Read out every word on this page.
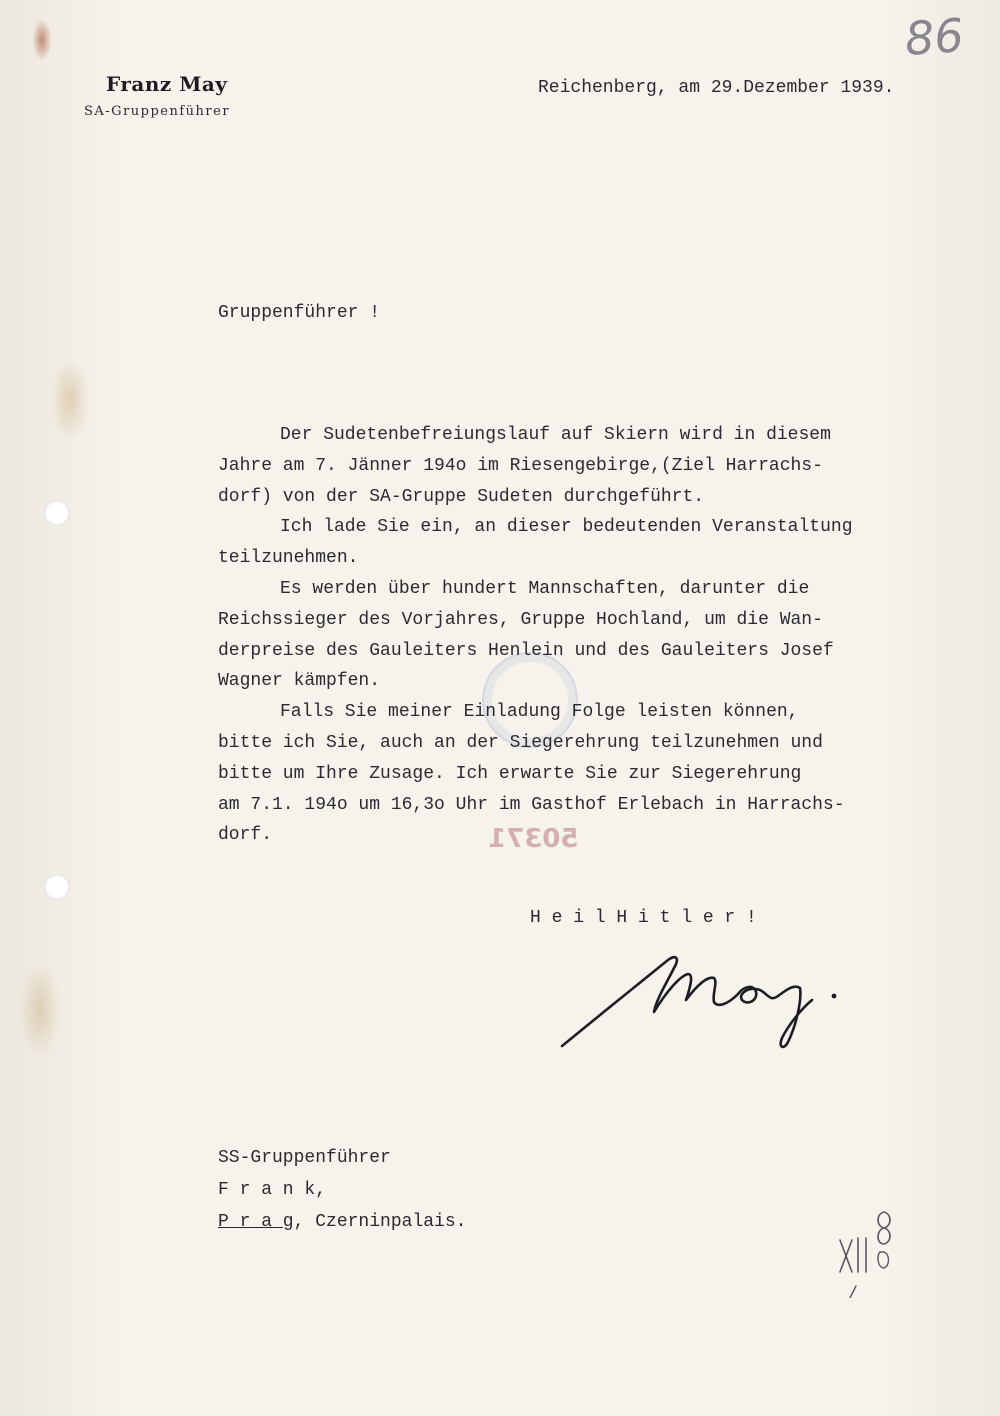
86
Franz May
SA-Gruppenführer
Reichenberg, am 29.Dezember 1939.
Gruppenführer !
Der Sudetenbefreiungslauf auf Skiern wird in diesem
Jahre am 7. Jänner 194o im Riesengebirge,(Ziel Harrachs-
dorf) von der SA-Gruppe Sudeten durchgeführt.
Ich lade Sie ein, an dieser bedeutenden Veranstaltung
teilzunehmen.
Es werden über hundert Mannschaften, darunter die
Reichssieger des Vorjahres, Gruppe Hochland, um die Wan-
derpreise des Gauleiters Henlein und des Gauleiters Josef
Wagner kämpfen.
Falls Sie meiner Einladung Folge leisten können,
bitte ich Sie, auch an der Siegerehrung teilzunehmen und
bitte um Ihre Zusage. Ich erwarte Sie zur Siegerehrung
am 7.1. 194o um 16,3o Uhr im Gasthof Erlebach in Harrachs-
dorf.	50371
H e i l H i t l e r !
SS-Gruppenführer
F r a n k,
P r a g, Czerninpalais.
